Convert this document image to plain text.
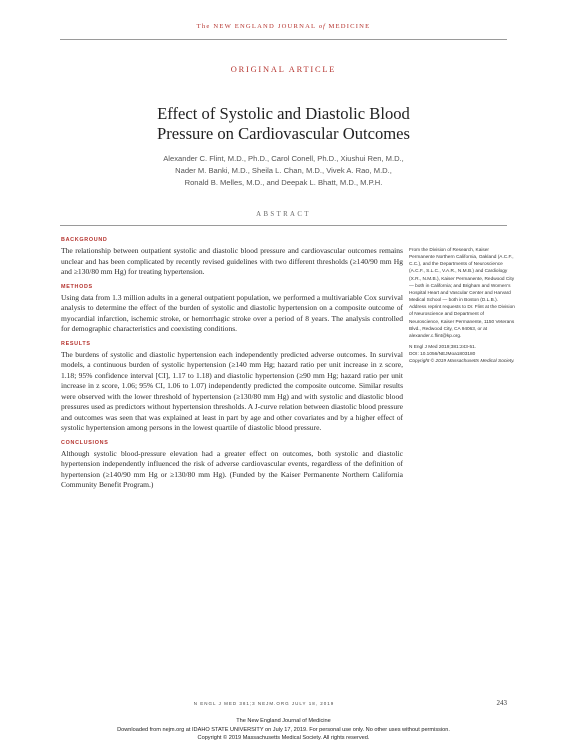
The NEW ENGLAND JOURNAL of MEDICINE
ORIGINAL ARTICLE
Effect of Systolic and Diastolic Blood
Pressure on Cardiovascular Outcomes
Alexander C. Flint, M.D., Ph.D., Carol Conell, Ph.D., Xiushui Ren, M.D.,
Nader M. Banki, M.D., Sheila L. Chan, M.D., Vivek A. Rao, M.D.,
Ronald B. Melles, M.D., and Deepak L. Bhatt, M.D., M.P.H.
ABSTRACT
BACKGROUND

The relationship between outpatient systolic and diastolic blood pressure and cardiovascular outcomes remains unclear and has been complicated by recently revised guidelines with two different thresholds (≥140/90 mm Hg and ≥130/80 mm Hg) for treating hypertension.

METHODS

Using data from 1.3 million adults in a general outpatient population, we performed a multivariable Cox survival analysis to determine the effect of the burden of systolic and diastolic hypertension on a composite outcome of myocardial infarction, ischemic stroke, or hemorrhagic stroke over a period of 8 years. The analysis controlled for demographic characteristics and coexisting conditions.

RESULTS

The burdens of systolic and diastolic hypertension each independently predicted adverse outcomes. In survival models, a continuous burden of systolic hypertension (≥140 mm Hg; hazard ratio per unit increase in z score, 1.18; 95% confidence interval [CI], 1.17 to 1.18) and diastolic hypertension (≥90 mm Hg; hazard ratio per unit increase in z score, 1.06; 95% CI, 1.06 to 1.07) independently predicted the composite outcome. Similar results were observed with the lower threshold of hypertension (≥130/80 mm Hg) and with systolic and diastolic blood pressures used as predictors without hypertension thresholds. A J-curve relation between diastolic blood pressure and outcomes was seen that was explained at least in part by age and other covariates and by a higher effect of systolic hypertension among persons in the lowest quartile of diastolic blood pressure.

CONCLUSIONS

Although systolic blood-pressure elevation had a greater effect on outcomes, both systolic and diastolic hypertension independently influenced the risk of adverse cardiovascular events, regardless of the definition of hypertension (≥140/90 mm Hg or ≥130/80 mm Hg). (Funded by the Kaiser Permanente Northern California Community Benefit Program.)

From the Division of Research, Kaiser Permanente Northern California, Oakland (A.C.F., C.C.), and the Departments of Neuroscience (A.C.F., S.L.C., V.A.R., N.M.B.) and Cardiology (X.R., N.M.B.), Kaiser Permanente, Redwood City — both in California; and Brigham and Women’s Hospital Heart and Vascular Center and Harvard Medical School — both in Boston (D.L.B.). Address reprint requests to Dr. Flint at the Division of Neuroscience and Department of Neuroscience, Kaiser Permanente, 1150 Veterans Blvd., Redwood City, CA 94063, or at alexander.c.flint@kp.org.

N Engl J Med 2019;381:243-51.

DOI: 10.1056/NEJMoa1803180

Copyright © 2019 Massachusetts Medical Society.

N ENGL J MED 381;3 NEJM.ORG JULY 18, 2019	243
The New England Journal of Medicine
Downloaded from nejm.org at IDAHO STATE UNIVERSITY on July 17, 2019. For personal use only. No other uses without permission.
Copyright © 2019 Massachusetts Medical Society. All rights reserved.
